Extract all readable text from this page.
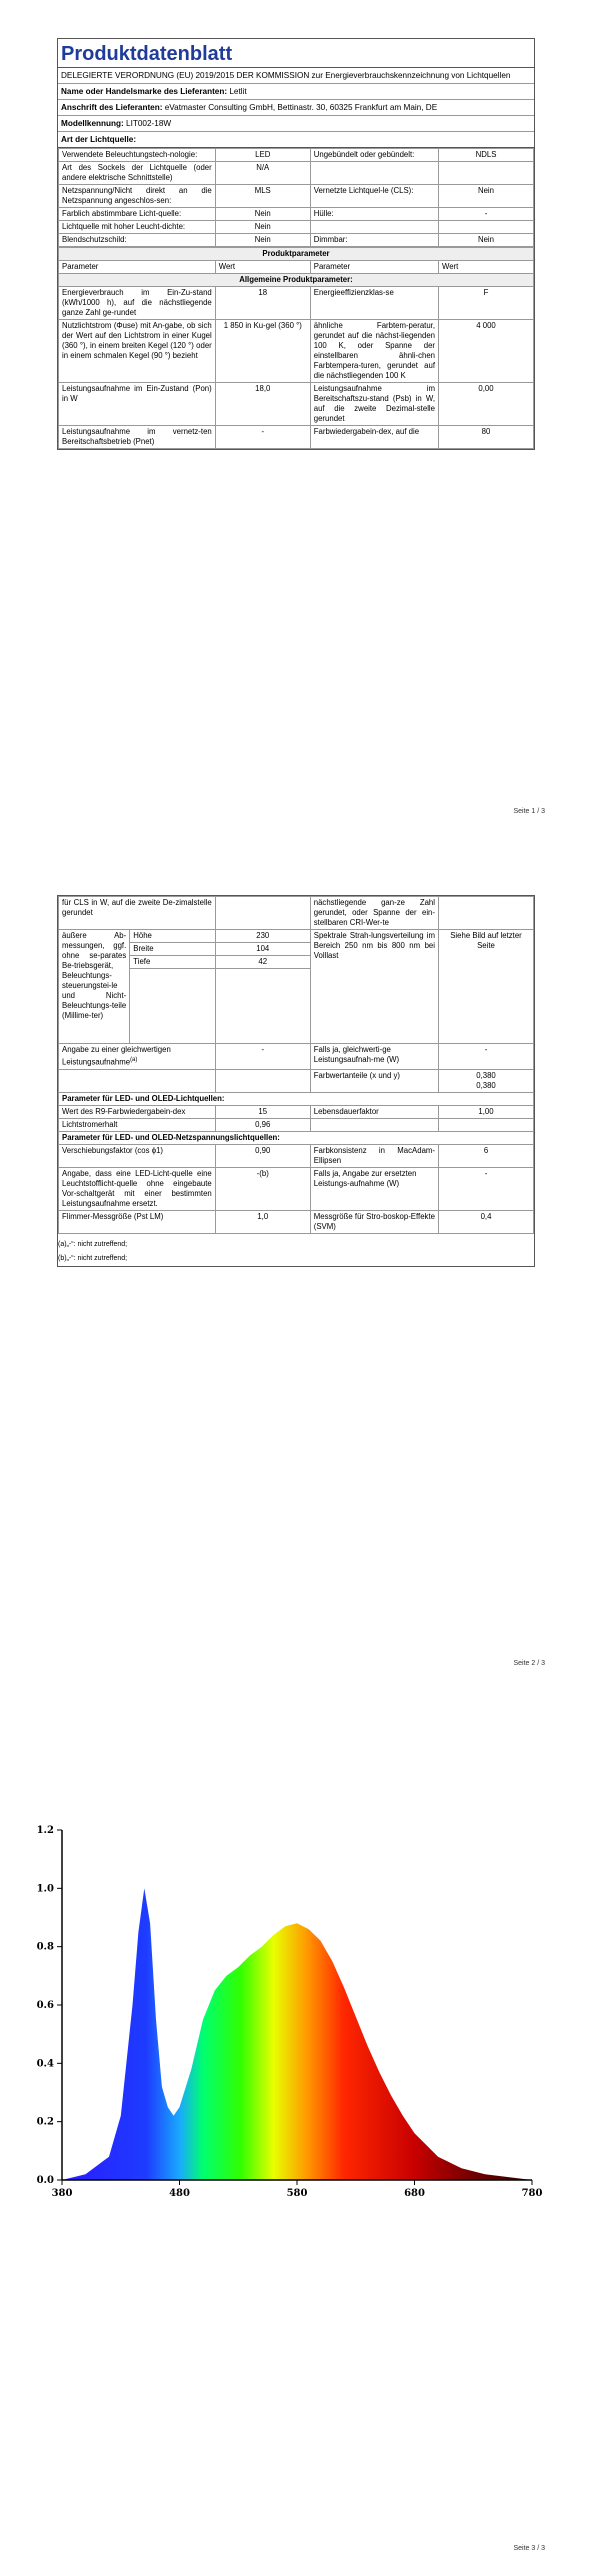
Produktdatenblatt
DELEGIERTE VERORDNUNG (EU) 2019/2015 DER KOMMISSION zur Energieverbrauchskennzeichnung von Lichtquellen
Name oder Handelsmarke des Lieferanten: Letlit
Anschrift des Lieferanten: eVatmaster Consulting GmbH, Bettinastr. 30, 60325 Frankfurt am Main, DE
Modellkennung: LIT002-18W
Art der Lichtquelle:
Verwendete Beleuchtungstech-nologie:	LED	Ungebündelt oder gebündelt:	NDLS
Art des Sockels der Lichtquelle (oder andere elektrische Schnittstelle)	N/A		
Netzspannung/Nicht direkt an die Netzspannung angeschlos-sen:	MLS	Vernetzte Lichtquel-le (CLS):	Nein
Farblich abstimmbare Licht-quelle:	Nein	Hülle:	-
Lichtquelle mit hoher Leucht-dichte:	Nein		
Blendschutzschild:	Nein	Dimmbar:	Nein
Produktparameter			
Parameter	Wert	Parameter	Wert
Allgemeine Produktparameter:			
Energieverbrauch im Ein-Zu-stand (kWh/1000 h), auf die nächstliegende ganze Zahl ge-rundet	18	Energieeffizienzklas-se	F
Nutzlichtstrom (Φuse) mit An-gabe, ob sich der Wert auf den Lichtstrom in einer Kugel (360 °), in einem breiten Kegel (120 °) oder in einem schmalen Kegel (90 °) bezieht	1 850 in Ku-gel (360 °)	ähnliche Farbtem-peratur, gerundet auf die nächst-liegenden 100 K, oder Spanne der einstellbaren ähnli-chen Farbtempera-turen, gerundet auf die nächstliegenden 100 K	4 000
Leistungsaufnahme im Ein-Zustand (Pon) in W	18,0	Leistungsaufnahme im Bereitschaftszu-stand (Psb) in W, auf die zweite Dezimal-stelle gerundet	0,00
Leistungsaufnahme im vernetz-ten Bereitschaftsbetrieb (Pnet)	-	Farbwiedergabein-dex, auf die	80
Seite 1 / 3
für CLS in W, auf die zweite De-zimalstelle gerundet			nächstliegende gan-ze Zahl gerundet, oder Spanne der ein-stellbaren CRI-Wer-te	
äußere Ab-messungen, ggf. ohne se-parates Be-triebsgerät, Beleuchtungs-steuerungstei-le und Nicht-Beleuchtungs-teile (Millime-ter)	Höhe	230	Spektrale Strah-lungsverteilung im Bereich 250 nm bis 800 nm bei Volllast	Siehe Bild auf letzter Seite
	Breite	104		
	Tiefe	42		

Angabe zu einer gleichwertigen Leistungsaufnahme$^{(a)}$		-	Falls ja, gleichwerti-ge Leistungsaufnah-me (W)	-
			Farbwertanteile (x und y)	0,380
0,380

Parameter für LED- und OLED-Lichtquellen:				
Wert des R9-Farbwiedergabein-dex		15	Lebensdauerfaktor	1,00
Lichtstromerhalt		0,96		
Parameter für LED- und OLED-Netzspannungslichtquellen:				
Verschiebungsfaktor (cos ϕ1)		0,90	Farbkonsistenz in MacAdam-Ellipsen	6
Angabe, dass eine LED-Licht-quelle eine Leuchtstofflicht-quelle ohne eingebaute Vor-schaltgerät mit einer bestimmten Leistungsaufnahme ersetzt.		-(b)	Falls ja, Angabe zur ersetzten Leistungs-aufnahme (W)	-
Flimmer-Messgröße (Pst LM)		1,0	Messgröße für Stro-boskop-Effekte (SVM)	0,4
(a)„-“: nicht zutreffend;
(b)„-“: nicht zutreffend;
Seite 2 / 3
0.0
0.2
0.4
0.6
0.8
1.0
1.2
380	480	580	680	780
Seite 3 / 3
